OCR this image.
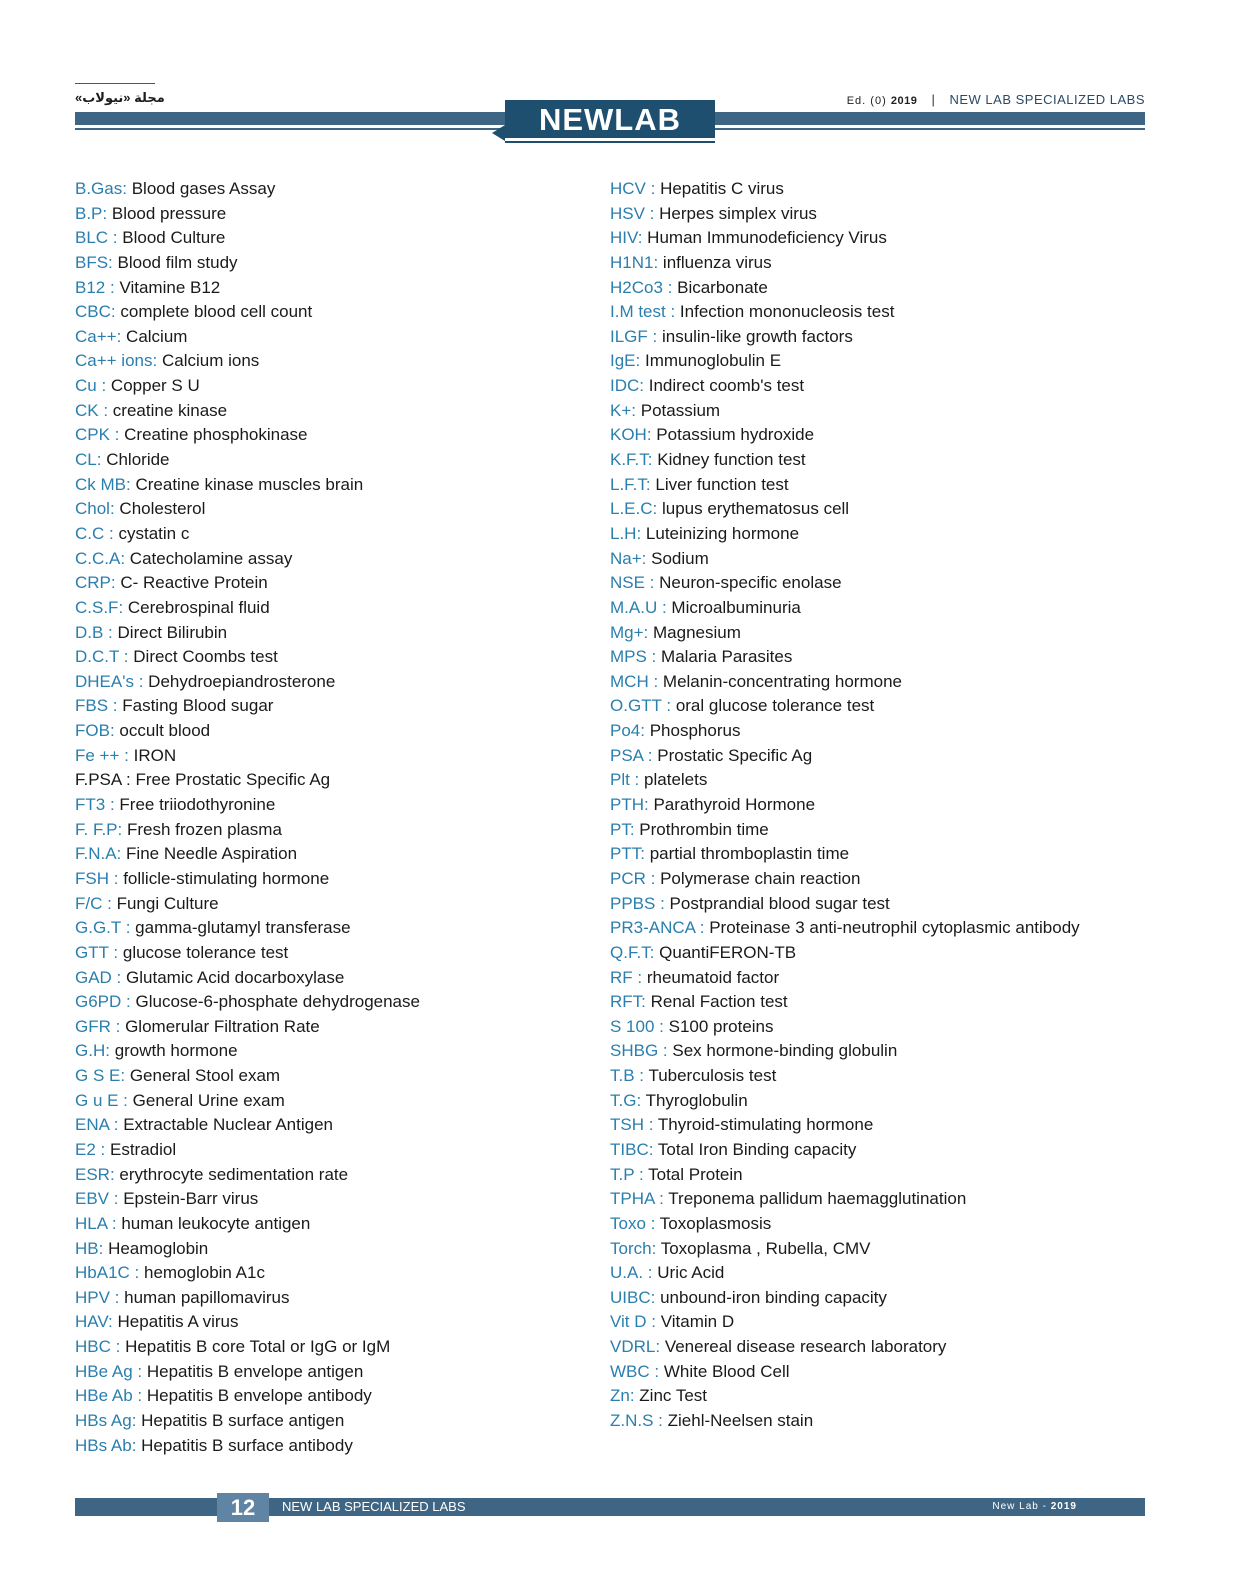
مجلة «نيولاب»	Ed. (0) 2019 | NEW LAB SPECIALIZED LABS
NEWLAB
B.Gas: Blood gases Assay
B.P: Blood pressure
BLC : Blood Culture
BFS: Blood film study
B12 : Vitamine B12
CBC: complete blood cell count
Ca++: Calcium
Ca++ ions: Calcium ions
Cu : Copper S U
CK : creatine kinase
CPK : Creatine phosphokinase
CL: Chloride
Ck MB: Creatine kinase muscles brain
Chol: Cholesterol
C.C : cystatin c
C.C.A: Catecholamine assay
CRP: C- Reactive Protein
C.S.F: Cerebrospinal fluid
D.B : Direct Bilirubin
D.C.T : Direct Coombs test
DHEA's : Dehydroepiandrosterone
FBS : Fasting Blood sugar
FOB: occult blood
Fe ++ : IRON
F.PSA : Free Prostatic Specific Ag
FT3 : Free triiodothyronine
F. F.P: Fresh frozen plasma
F.N.A: Fine Needle Aspiration
FSH : follicle-stimulating hormone
F/C : Fungi Culture
G.G.T : gamma-glutamyl transferase
GTT : glucose tolerance test
GAD : Glutamic Acid docarboxylase
G6PD : Glucose-6-phosphate dehydrogenase
GFR : Glomerular Filtration Rate
G.H: growth hormone
G S E: General Stool exam
G u E : General Urine exam
ENA : Extractable Nuclear Antigen
E2 : Estradiol
ESR: erythrocyte sedimentation rate
EBV : Epstein-Barr virus
HLA : human leukocyte antigen
HB: Heamoglobin
HbA1C : hemoglobin A1c
HPV : human papillomavirus
HAV: Hepatitis A virus
HBC : Hepatitis B core Total or IgG or IgM
HBe Ag : Hepatitis B envelope antigen
HBe Ab : Hepatitis B envelope antibody
HBs Ag: Hepatitis B surface antigen
HBs Ab: Hepatitis B surface antibody
HCV : Hepatitis C virus
HSV : Herpes simplex virus
HIV: Human Immunodeficiency Virus
H1N1: influenza virus
H2Co3 : Bicarbonate
I.M test : Infection mononucleosis test
ILGF : insulin-like growth factors
IgE: Immunoglobulin E
IDC: Indirect coomb's test
K+: Potassium
KOH: Potassium hydroxide
K.F.T: Kidney function test
L.F.T: Liver function test
L.E.C: lupus erythematosus cell
L.H: Luteinizing hormone
Na+: Sodium
NSE : Neuron-specific enolase
M.A.U : Microalbuminuria
Mg+: Magnesium
MPS : Malaria Parasites
MCH : Melanin-concentrating hormone
O.GTT : oral glucose tolerance test
Po4: Phosphorus
PSA : Prostatic Specific Ag
Plt : platelets
PTH: Parathyroid Hormone
PT: Prothrombin time
PTT: partial thromboplastin time
PCR : Polymerase chain reaction
PPBS : Postprandial blood sugar test
PR3-ANCA : Proteinase 3 anti-neutrophil cytoplasmic antibody
Q.F.T: QuantiFERON-TB
RF : rheumatoid factor
RFT: Renal Faction test
S 100 : S100 proteins
SHBG : Sex hormone-binding globulin
T.B : Tuberculosis test
T.G: Thyroglobulin
TSH : Thyroid-stimulating hormone
TIBC: Total Iron Binding capacity
T.P : Total Protein
TPHA : Treponema pallidum haemagglutination
Toxo : Toxoplasmosis
Torch: Toxoplasma , Rubella, CMV
U.A. : Uric Acid
UIBC: unbound-iron binding capacity
Vit D : Vitamin D
VDRL: Venereal disease research laboratory
WBC : White Blood Cell
Zn: Zinc Test
Z.N.S : Ziehl-Neelsen stain
12	NEW LAB SPECIALIZED LABS	New Lab - 2019
